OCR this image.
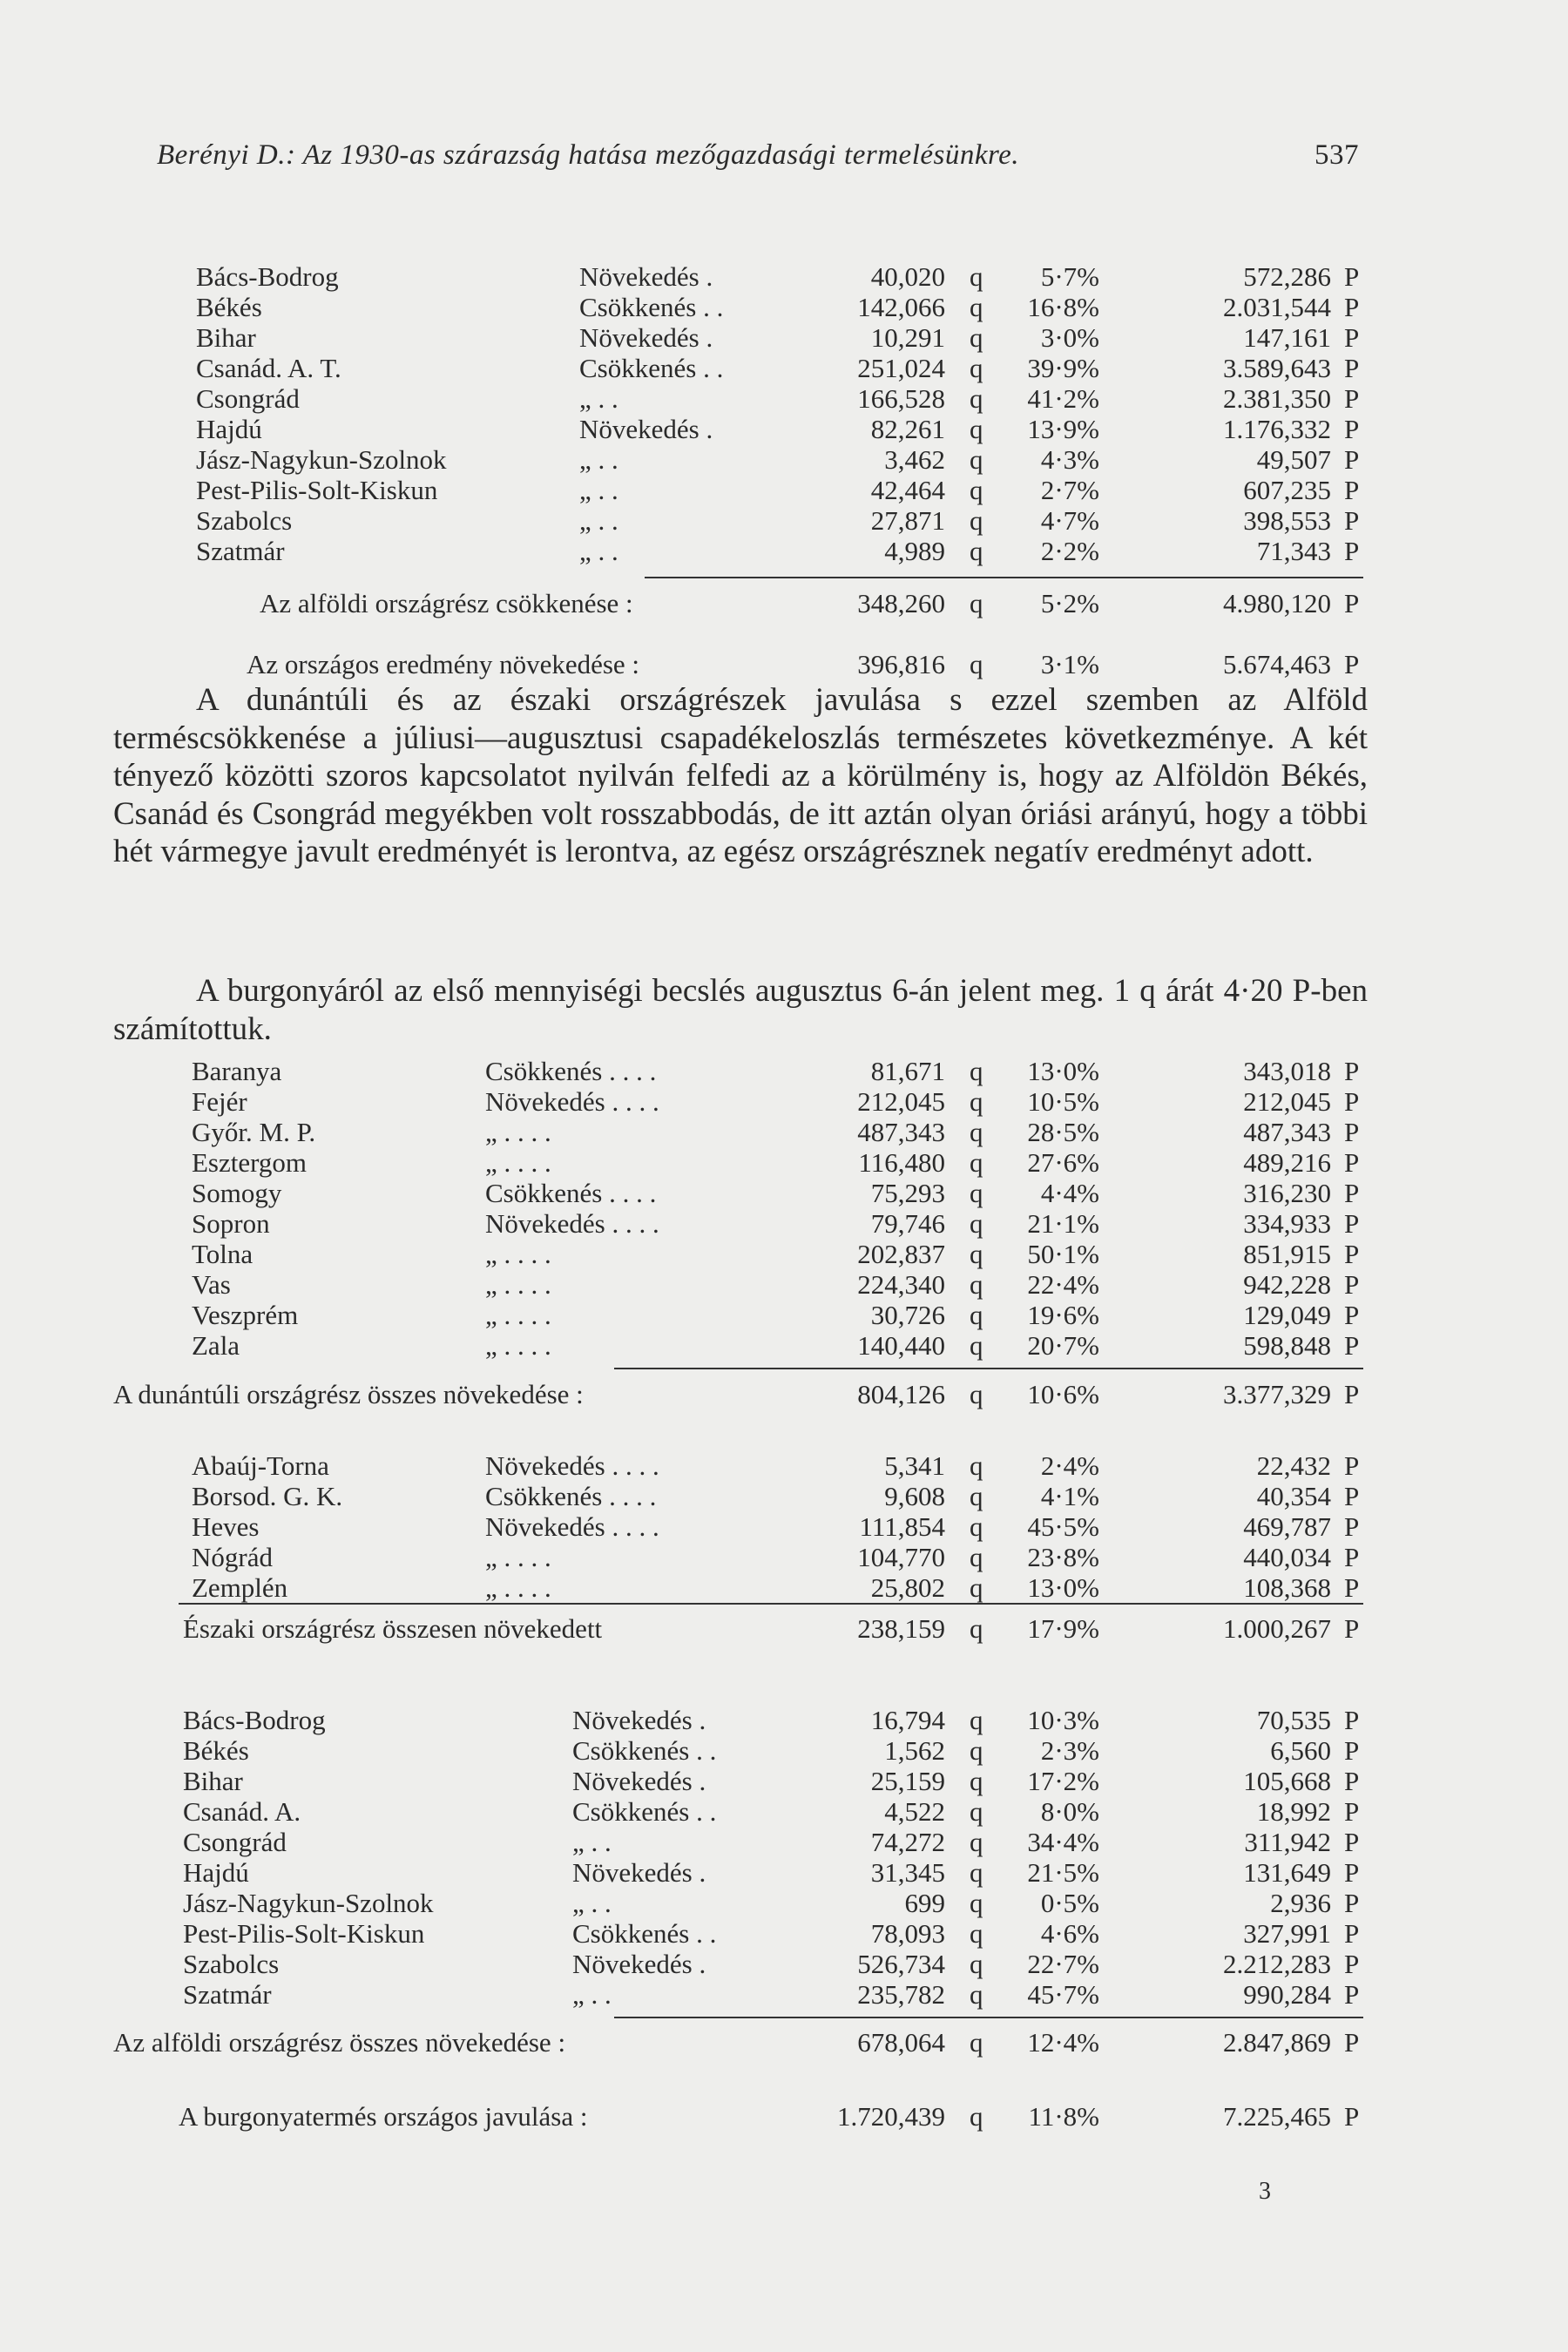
Berényi D.: Az 1930-as szárazság hatása mezőgazdasági termelésünkre.	537
Bács-Bodrog	Növekedés .	40,020 q	5·7%	572,286 P
Békés	Csökkenés . .	142,066 q	16·8%	2.031,544 P
Bihar	Növekedés .	10,291 q	3·0%	147,161 P
Csanád. A. T.	Csökkenés . .	251,024 q	39·9%	3.589,643 P
Csongrád	„ . .	166,528 q	41·2%	2.381,350 P
Hajdú	Növekedés .	82,261 q	13·9%	1.176,332 P
Jász-Nagykun-Szolnok	„ . .	3,462 q	4·3%	49,507 P
Pest-Pilis-Solt-Kiskun	„ . .	42,464 q	2·7%	607,235 P
Szabolcs	„ . .	27,871 q	4·7%	398,553 P
Szatmár	„ . .	4,989 q	2·2%	71,343 P
Az alföldi országrész csökkenése :	348,260 q	5·2%	4.980,120 P
Az országos eredmény növekedése :	396,816 q	3·1%	5.674,463 P
A dunántúli és az északi országrészek javulása s ezzel szemben az Alföld terméscsökkenése a júliusi—augusztusi csapadékeloszlás természetes következménye. A két tényező közötti szoros kapcsolatot nyilván felfedi az a körülmény is, hogy az Alföldön Békés, Csanád és Csongrád megyékben volt rosszabbodás, de itt aztán olyan óriási arányú, hogy a többi hét vármegye javult eredményét is lerontva, az egész országrésznek negatív eredményt adott.
A burgonyáról az első mennyiségi becslés augusztus 6-án jelent meg. 1 q árát 4·20 P-ben számítottuk.
Baranya	Csökkenés . . . .	81,671 q	13·0%	343,018 P
Fejér	Növekedés . . . .	212,045 q	10·5%	212,045 P
Győr. M. P.	„ . . . .	487,343 q	28·5%	487,343 P
Esztergom	„ . . . .	116,480 q	27·6%	489,216 P
Somogy	Csökkenés . . . .	75,293 q	4·4%	316,230 P
Sopron	Növekedés . . . .	79,746 q	21·1%	334,933 P
Tolna	„ . . . .	202,837 q	50·1%	851,915 P
Vas	„ . . . .	224,340 q	22·4%	942,228 P
Veszprém	„ . . . .	30,726 q	19·6%	129,049 P
Zala	„ . . . .	140,440 q	20·7%	598,848 P
A dunántúli országrész összes növekedése :	804,126 q	10·6%	3.377,329 P
Abaúj-Torna	Növekedés . . . .	5,341 q	2·4%	22,432 P
Borsod. G. K.	Csökkenés . . . .	9,608 q	4·1%	40,354 P
Heves	Növekedés . . . .	111,854 q	45·5%	469,787 P
Nógrád	„ . . . .	104,770 q	23·8%	440,034 P
Zemplén	„ . . . .	25,802 q	13·0%	108,368 P
Északi országrész összesen növekedett	238,159 q	17·9%	1.000,267 P
Bács-Bodrog	Növekedés .	16,794 q	10·3%	70,535 P
Békés	Csökkenés . .	1,562 q	2·3%	6,560 P
Bihar	Növekedés .	25,159 q	17·2%	105,668 P
Csanád. A.	Csökkenés . .	4,522 q	8·0%	18,992 P
Csongrád	„ . .	74,272 q	34·4%	311,942 P
Hajdú	Növekedés .	31,345 q	21·5%	131,649 P
Jász-Nagykun-Szolnok	„ . .	699 q	0·5%	2,936 P
Pest-Pilis-Solt-Kiskun	Csökkenés . .	78,093 q	4·6%	327,991 P
Szabolcs	Növekedés .	526,734 q	22·7%	2.212,283 P
Szatmár	„ . .	235,782 q	45·7%	990,284 P
Az alföldi országrész összes növekedése :	678,064 q	12·4%	2.847,869 P
A burgonyatermés országos javulása :	1.720,439 q	11·8%	7.225,465 P
3
